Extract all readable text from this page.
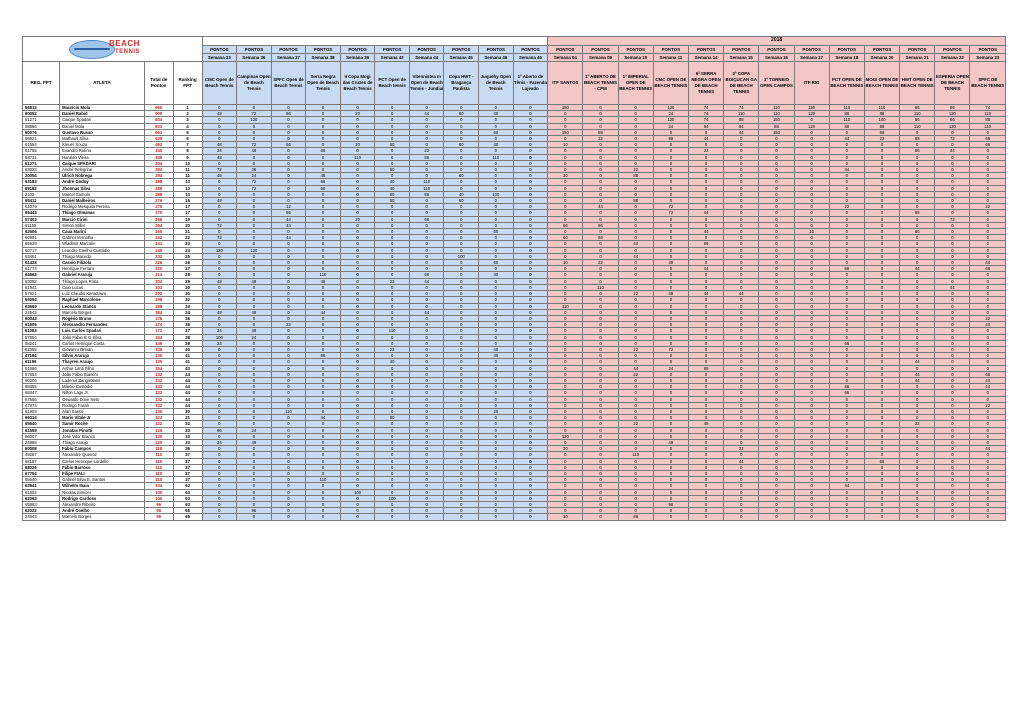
BEACH
TENNIS														2018												
				PONTOS	PONTOS	PONTOS	PONTOS	PONTOS	PONTOS	PONTOS	PONTOS	PONTOS	PONTOS	PONTOS	PONTOS	PONTOS	PONTOS	PONTOS	PONTOS	PONTOS	PONTOS	PONTOS	PONTOS	PONTOS	PONTOS	PONTOS
				Semana 33	Semana 36	Semana 37	Semana 38	Semana 39	Semana 43	Semana 44	Semana 45	Semana 46	Semana 46	Semana 04	Semana 09	Semana 10	Semana 11	Semana 14	Semana 15	Semana 16	Semana 17	Semana 18	Semana 20	Semana 21	Semana 22	Semana 23
REG. FPT	ATLETA	Total de Pontos	Ranking FPT	CMC Open de Beach Tennis	Campinas Open de Beach Tennis	SPFC Open de Beach Tennis	Serra Negra Open de Beach Tennis	II Copa Mogi das Cruzes de Beach Tennis	PCT Open de Beach tennis	Vitennistea m Open de Beach Tennis - Jundiaí	Copa HWT - Bragança Paulista	Juquehy Open de Beach Tennis	1º Aberto de Tênis - Fazenda Lajeado	ITF SANTOS	1º ABERTO DE BEACH TENNIS - CPM	1º IMPERIAL OPEN DE BEACH TENNIS	CMC OPEN DE BEACH TENNIS	6ª SERRA NEGRA OPEN DE BEACH TENNIS	2º COPA BOIÇUCAN GA DE BEACH TENNIS	1º TORNEIO OPEN CAMPOS	ITF RIO	PCT OPEN DE BEACH TENNIS	MOGI OPEN DE BEACH TENNIS	HWT OPEN DE BEACH TENNIS	ESPERIA OPEN DE BEACH TENNIS	SPFC DE BEACH TENNIS
56812	Maurício Mola	960	1	0	0	0	0	0	0	0	0	0	0	150	0	0	120	74	74	110	150	110	110	66	66	74
60052	Daniel Rabid	900	2	48	72	66	0	20	0	44	80	40	0	0	0	0	24	74	110	110	120	88	88	110	120	110
61271	Caique Spadari	834	3	0	120	0	0	0	0	0	0	0	0	0	0	0	120	74	88	150	0	110	100	66	66	88
58866	Daniel Mola	803	4	0	0	0	0	0	0	0	0	0	0	0	0	0	24	94	94	88	120	88	88	110	120	110
60076	Gustavo Russo	661	5	0	0	0	0	0	0	0	0	60	0	150	88	0	0	0	44	150	0	0	66	0	0	0
56921	Mathaus Silva	639	6	0	0	0	0	0	0	0	0	0	0	0	22	0	96	44	0	0	0	44	22	88	72	66
61594	Kleuer Souza	462	7	48	72	66	0	20	60	0	80	40	0	10	0	0	0	0	0	0	0	0	0	0	0	66
61755	Evandro Rufino	340	8	24	48	0	66	0	0	22	0	0	0	0	0	0	0	22	0	0	0	0	0	66	44	0
58731	Haroldo Vieira	335	9	48	0	0	0	110	0	88	0	110	0	0	0	0	0	0	0	0	0	0	0	0	0	0
61271	Caique SPADARI	304	10	0	0	0	0	0	0	0	0	0	0	0	0	0	0	0	0	0	0	0	0	0	0	0
63023	André Pelegrine	294	11	72	36	0	0	0	60	0	0	0	0	0	0	22	0	0	0	0	0	44	0	0	0	0
20054	Ulrich Nobrega	294	11	48	24	0	48	0	0	0	60	0	0	30	0	88	0	0	0	0	0	0	0	0	0	0
63183	André Godoy	288	13	0	72	0	66	0	40	110	0	0	0	0	0	0	0	0	0	0	0	0	0	0	0	0
69182	Jhonnas Silva	288	13	0	72	0	66	0	40	110	0	0	0	0	0	0	0	0	0	0	0	0	0	0	0	0
2102	Marcel Samolo	288	13	0	0	0	0	0	60	88	40	100	0	0	0	0	0	0	0	0	0	0	0	0	0	0
65411	Daniel Malheiros	276	16	48	0	0	0	0	80	0	60	0	0	0	0	88	0	0	0	0	0	0	0	0	0	0
61079	Rodrigo Mesquita Pereira	270	17	0	0	12	0	0	0	0	0	0	0	0	44	0	72	0	0	0	0	22	0	0	0	22
65443	Thiago Olmanas	270	17	0	0	66	0	0	0	0	0	0	0	0	0	0	72	44	0	0	0	0	0	88	0	0
57403	Marcio Cirini	268	19	0	0	44	0	20	0	66	0	0	0	0	0	0	0	0	0	0	0	0	0	0	72	0
61155	Simon Miller	264	20	72	0	44	0	0	0	0	0	0	0	66	66	0	0	0	0	0	0	0	0	0	0	0
62606	Caua Marini	260	21	0	0	0	0	0	0	0	0	60	0	0	0	0	0	44	0	0	10	0	0	66	0	0
60991	Gabriel Vernalha	242	22	72	0	44	0	0	0	0	0	0	0	60	66	0	0	0	0	0	0	0	0	0	0	0
65928	Wladimir Marcolin	241	23	0	0	0	0	0	0	0	0	0	0	0	0	44	0	66	0	0	0	0	0	0	0	0
60717	Leandro Coelho Custódio	240	24	120	120	0	0	0	0	0	0	0	0	0	0	0	0	0	0	0	0	0	0	0	0	0
63461	Thiago Macedo	232	25	0	0	0	0	0	0	0	100	0	0	0	0	44	0	0	0	0	0	0	0	0	0	0
61428	Cassio Filizola	226	26	0	0	0	0	0	0	0	0	60	0	10	22	0	48	0	0	0	0	0	0	0	0	44
61774	Henrique Ferraro	220	27	0	0	0	0	0	0	0	0	0	0	0	0	0	0	44	0	0	0	66	0	44	0	66
64663	Gabriel Araruja	214	28	0	0	0	110	0	0	66	0	40	0	0	0	0	0	0	0	0	0	0	0	0	0	0
63082	Thiago Lopes Rosa	204	29	48	48	0	48	0	23	44	0	0	0	0	0	0	0	0	0	0	0	0	0	0	0	0
61941	Caio Lucas	203	30	0	0	0	0	0	0	0	0	0	0	0	110	0	0	0	0	0	0	0	0	0	44	0
57621	Luiz Claudio Kanazawa	202	30	0	0	0	0	0	0	0	0	0	0	0	0	22	48	44	44	0	0	0	0	0	0	0
65054	Raphael Marcolone	198	32	0	0	0	0	0	0	0	0	0	0	0	0	0	0	0	0	0	0	0	0	0	0	0
63669	Leonardo Stanco	198	33	0	0	0	0	0	0	0	0	0	0	110	0	0	0	0	0	0	0	0	0	0	0	0
24543	Marcelo Borges	184	34	48	48	0	44	0	0	44	0	0	0	0	0	0	0	0	0	0	0	0	0	0	0	0
60043	Rogério Bruno	176	35	0	0	0	0	0	0	0	0	0	0	0	0	0	0	0	0	0	0	0	0	0	0	22
61605	Alessandro Fernandes	174	36	0	0	22	0	0	0	0	0	0	0	0	0	0	0	0	0	0	0	0	0	0	0	44
61083	Luis Carlos Spadari	172	37	24	48	0	0	0	110	0	0	0	0	0	0	0	0	0	0	0	0	0	0	0	0	0
57654	João Fabio B G Silva	164	38	100	24	0	0	0	0	0	0	0	0	0	0	0	0	0	0	0	0	0	0	0	0	0
58241	Carlos Henrique Costa	136	39	24	0	0	0	0	0	0	0	0	0	0	0	0	0	0	0	0	0	66	0	0	0	0
62355	Giovanni Ortoan	136	40	0	0	0	0	0	23	0	0	40	0	0	0	22	72	0	0	0	0	0	0	0	0	0
47184	Silvio Araruja	130	41	0	0	0	66	0	0	0	0	40	0	0	0	0	0	0	0	0	0	0	0	0	0	0
61196	Thayren Araujo	130	41	0	0	0	0	0	40	0	0	0	0	0	0	0	0	0	0	0	0	0	0	44	0	0
61666	Arthur Lima Filho	154	43	0	0	0	0	0	0	0	0	0	0	0	0	44	24	66	0	0	0	0	0	0	0	0
57654	João Fábio Bianchi	132	44	0	0	0	0	0	0	0	0	0	0	0	0	22	0	0	0	0	0	0	0	44	0	66
60206	Lademir Zangirolami	132	44	0	0	0	0	0	0	0	0	0	0	0	0	0	0	0	0	0	0	0	0	44	0	44
68455	Márcio Custódio	132	44	0	0	0	0	0	0	0	0	0	0	0	0	0	0	0	0	0	0	66	0	0	0	44
68447	Nilton Lage Jr.	132	44	0	0	0	0	0	0	0	0	0	0	0	0	0	0	0	0	0	0	66	0	0	0	0
67556	Oswaldo Dove Neto	132	44	0	0	0	0	0	0	0	0	0	0	0	0	0	0	0	0	0	0	0	0	0	0	0
47974	Rodrigo Farah	132	44	0	0	0	0	0	0	0	0	0	0	0	0	0	0	0	0	0	0	0	0	0	0	22
61903	Alan Sasso	130	30	0	0	110	0	0	0	0	0	20	0	0	0	0	0	0	0	0	0	0	0	0	0	0
66014	Mario Vitale Jr	124	31	0	0	0	44	0	80	0	0	0	0	0	0	0	0	0	0	0	0	0	0	0	0	0
65640	Samir Roche	122	32	0	0	0	0	0	0	0	0	0	0	0	0	22	0	48	0	0	0	0	0	22	0	0
61559	Jonatas Pinotti	120	33	96	24	0	0	0	0	0	0	0	0	0	0	0	0	0	0	0	0	0	0	0	0	0
66007	José Vitor Branco	120	33	0	0	0	0	0	0	0	0	0	0	120	0	0	0	0	0	0	0	0	0	0	0	0
24888	Thiago Araujo	120	33	24	48	0	0	0	0	0	0	0	0	0	0	0	48	0	0	0	0	0	0	0	0	0
60008	Fábio Campos	118	36	0	0	0	0	0	0	0	0	0	0	30	0	0	0	0	22	0	0	0	0	0	0	44
49287	Alexandre Queiroz	110	37	0	0	0	0	0	0	0	0	0	0	0	0	110	0	0	0	0	0	0	0	0	0	0
68187	Carlos Henrique Lordello	110	37	0	0	0	0	0	0	0	0	0	0	0	0	0	0	0	44	0	0	0	66	0	0	0
68026	Fábio Barroso	110	37	0	0	0	0	0	0	0	0	0	0	0	0	0	0	0	0	0	0	0	0	0	0	0
67754	Filipe FIALI	110	37	0	0	0	0	0	0	0	0	0	0	0	0	0	0	0	0	0	0	0	0	0	0	0
65640	Gabriel Silva E. Santos	110	37	0	0	0	110	0	0	0	0	0	0	0	0	0	0	0	0	0	0	0	0	0	0	0
63941	Wilhelm Ibaia	104	62	0	0	0	0	0	0	0	0	0	0	0	0	0	0	0	0	0	0	44	0	0	0	0
61602	Nicolas Simioni	100	63	0	0	0	0	100	0	0	0	0	0	0	0	0	0	0	0	0	0	0	0	0	0	0
62063	Rodrigo Cardoso	100	63	0	0	0	0	0	100	0	0	0	0	0	0	0	0	0	0	0	0	0	0	0	0	0
65863	Alexandre Ribeiro	96	63	0	0	0	0	0	0	0	0	0	0	0	0	0	96	0	0	0	0	0	0	0	0	0
62022	André Coelho	96	65	0	96	0	0	0	0	0	0	0	0	0	0	0	0	0	0	0	0	0	0	0	0	0
24543	Marcelo Borges	96	65	0	0	0	0	0	0	0	0	0	0	10	0	86	0	0	0	0	0	0	0	0	0	0
